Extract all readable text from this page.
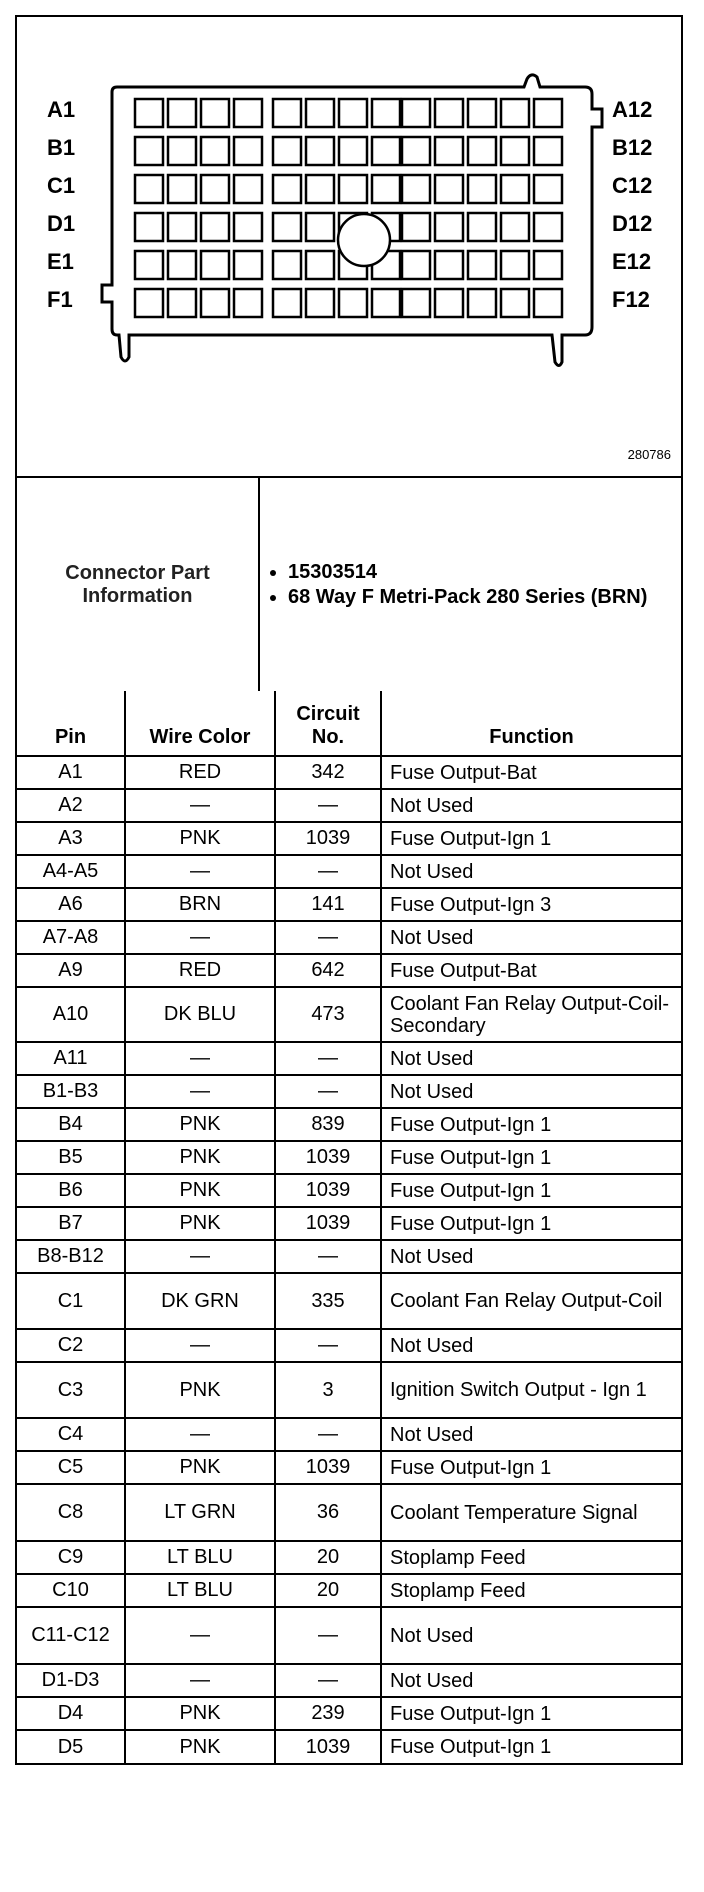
A1
B1
C1
D1
E1
F1
A12
B12
C12
D12
E12
F12
280786
Connector Part Information	
• 15303514
• 68 Way F Metri-Pack 280 Series (BRN)
Pin	Wire Color	Circuit No.	Function
A1	RED	342	Fuse Output-Bat
A2	—	—	Not Used
A3	PNK	1039	Fuse Output-Ign 1
A4-A5	—	—	Not Used
A6	BRN	141	Fuse Output-Ign 3
A7-A8	—	—	Not Used
A9	RED	642	Fuse Output-Bat
A10	DK BLU	473	Coolant Fan Relay Output-Coil-Secondary
A11	—	—	Not Used
B1-B3	—	—	Not Used
B4	PNK	839	Fuse Output-Ign 1
B5	PNK	1039	Fuse Output-Ign 1
B6	PNK	1039	Fuse Output-Ign 1
B7	PNK	1039	Fuse Output-Ign 1
B8-B12	—	—	Not Used
C1	DK GRN	335	Coolant Fan Relay Output-Coil
C2	—	—	Not Used
C3	PNK	3	Ignition Switch Output - Ign 1
C4	—	—	Not Used
C5	PNK	1039	Fuse Output-Ign 1
C8	LT GRN	36	Coolant Temperature Signal
C9	LT BLU	20	Stoplamp Feed
C10	LT BLU	20	Stoplamp Feed
C11-C12	—	—	Not Used
D1-D3	—	—	Not Used
D4	PNK	239	Fuse Output-Ign 1
D5	PNK	1039	Fuse Output-Ign 1
